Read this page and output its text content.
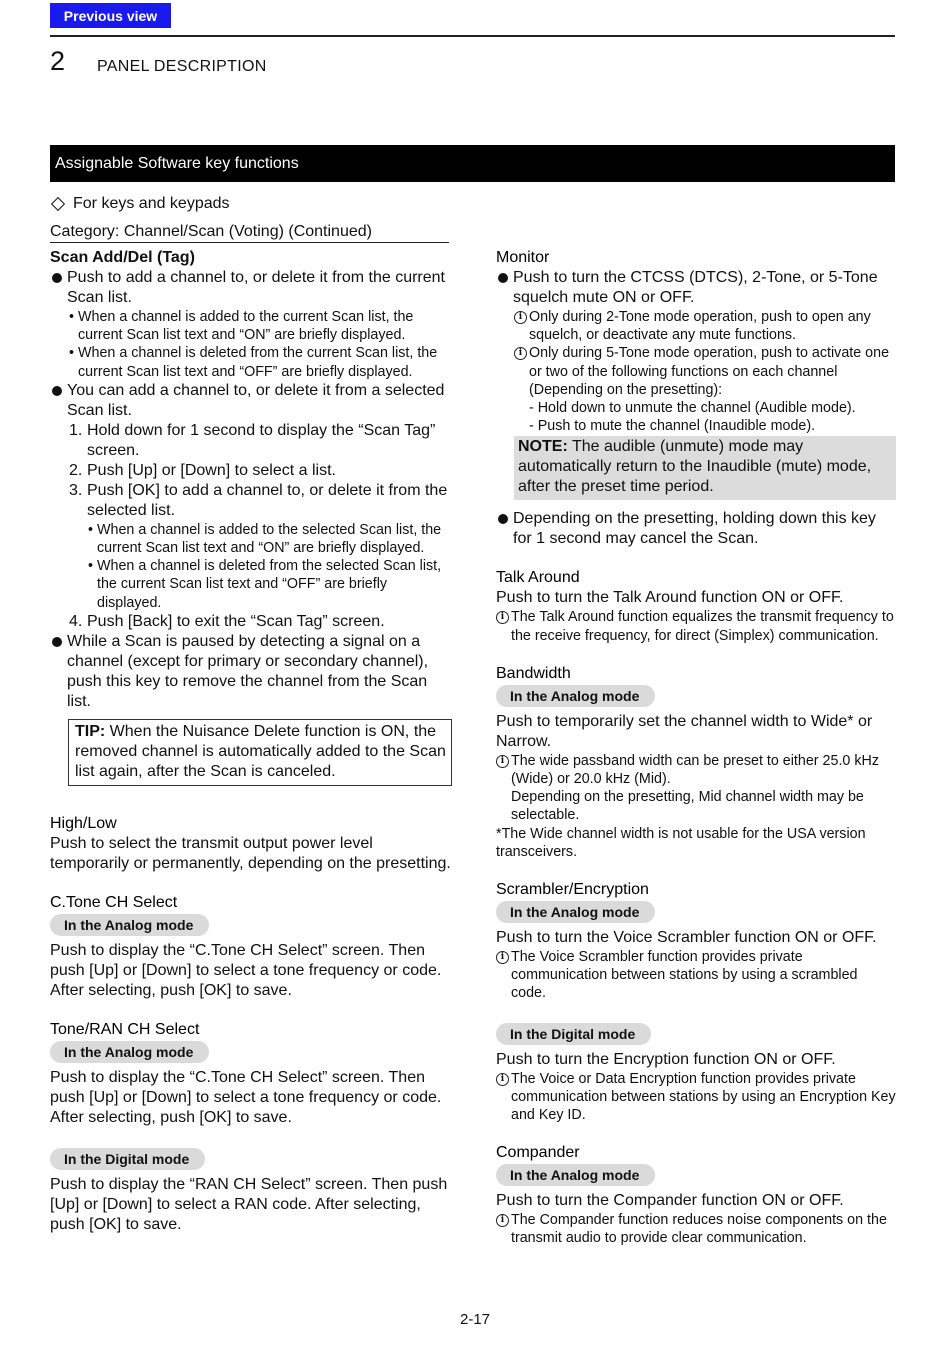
Previous view
2 PANEL DESCRIPTION
Assignable Software key functions
For keys and keypads
Category: Channel/Scan (Voting) (Continued)
Scan Add/Del (Tag)
Push to add a channel to, or delete it from the current Scan list.
• When a channel is added to the current Scan list, the current Scan list text and “ON” are briefly displayed.
• When a channel is deleted from the current Scan list, the current Scan list text and “OFF” are briefly displayed.
You can add a channel to, or delete it from a selected Scan list.
1. Hold down for 1 second to display the “Scan Tag” screen.
2. Push [Up] or [Down] to select a list.
3. Push [OK] to add a channel to, or delete it from the selected list.
• When a channel is added to the selected Scan list, the current Scan list text and “ON” are briefly displayed.
• When a channel is deleted from the selected Scan list, the current Scan list text and “OFF” are briefly displayed.
4. Push [Back] to exit the “Scan Tag” screen.
While a Scan is paused by detecting a signal on a channel (except for primary or secondary channel), push this key to remove the channel from the Scan list.
TIP: When the Nuisance Delete function is ON, the removed channel is automatically added to the Scan list again, after the Scan is canceled.
High/Low
Push to select the transmit output power level temporarily or permanently, depending on the presetting.
C.Tone CH Select
In the Analog mode
Push to display the “C.Tone CH Select” screen. Then push [Up] or [Down] to select a tone frequency or code. After selecting, push [OK] to save.
Tone/RAN CH Select
In the Analog mode
Push to display the “C.Tone CH Select” screen. Then push [Up] or [Down] to select a tone frequency or code. After selecting, push [OK] to save.
In the Digital mode
Push to display the “RAN CH Select” screen. Then push [Up] or [Down] to select a RAN code. After selecting, push [OK] to save.
Monitor
Push to turn the CTCSS (DTCS), 2-Tone, or 5-Tone squelch mute ON or OFF.
i Only during 2-Tone mode operation, push to open any squelch, or deactivate any mute functions.
i Only during 5-Tone mode operation, push to activate one or two of the following functions on each channel (Depending on the presetting):
- Hold down to unmute the channel (Audible mode).
- Push to mute the channel (Inaudible mode).
NOTE: The audible (unmute) mode may automatically return to the Inaudible (mute) mode, after the preset time period.
Depending on the presetting, holding down this key for 1 second may cancel the Scan.
Talk Around
Push to turn the Talk Around function ON or OFF.
i The Talk Around function equalizes the transmit frequency to the receive frequency, for direct (Simplex) communication.
Bandwidth
In the Analog mode
Push to temporarily set the channel width to Wide* or Narrow.
i The wide passband width can be preset to either 25.0 kHz (Wide) or 20.0 kHz (Mid).
Depending on the presetting, Mid channel width may be selectable.
*The Wide channel width is not usable for the USA version transceivers.
Scrambler/Encryption
In the Analog mode
Push to turn the Voice Scrambler function ON or OFF.
i The Voice Scrambler function provides private communication between stations by using a scrambled code.
In the Digital mode
Push to turn the Encryption function ON or OFF.
i The Voice or Data Encryption function provides private communication between stations by using an Encryption Key and Key ID.
Compander
In the Analog mode
Push to turn the Compander function ON or OFF.
i The Compander function reduces noise components on the transmit audio to provide clear communication.
2-17
